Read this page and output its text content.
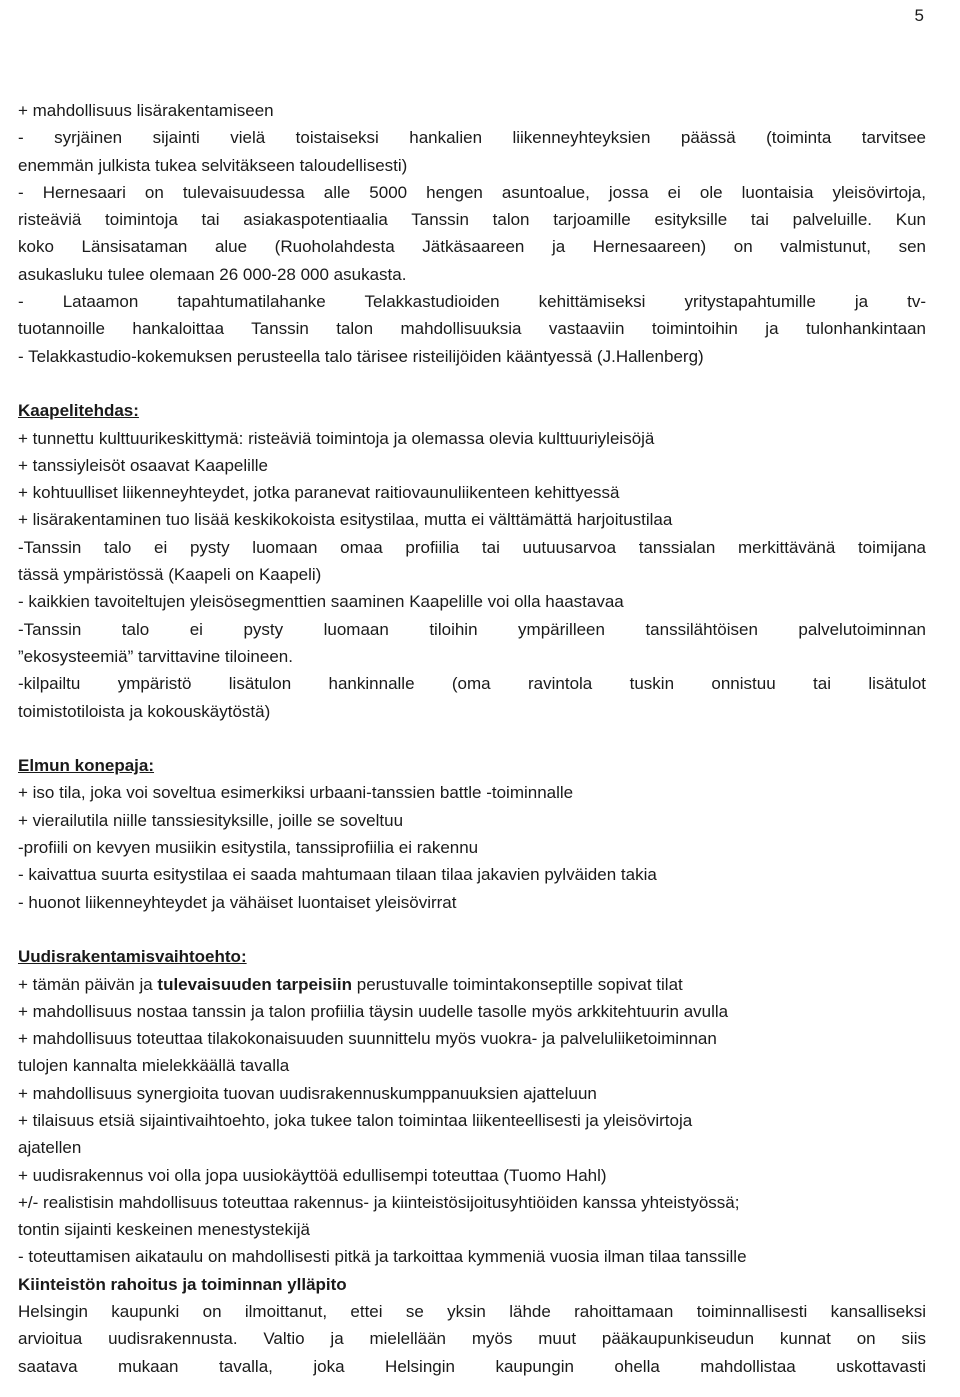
5
+ mahdollisuus lisärakentamiseen
- syrjäinen sijainti vielä toistaiseksi hankalien liikenneyhteyksien päässä (toiminta tarvitsee
enemmän julkista tukea selvitäkseen taloudellisesti)
- Hernesaari on tulevaisuudessa alle 5000 hengen asuntoalue, jossa ei ole luontaisia yleisövirtoja,
risteäviä toimintoja tai asiakaspotentiaalia Tanssin talon tarjoamille esityksille tai palveluille. Kun
koko Länsisataman alue (Ruoholahdesta Jätkäsaareen ja Hernesaareen) on valmistunut, sen
asukasluku tulee olemaan 26 000-28 000 asukasta.
- Lataamon tapahtumatilahanke Telakkastudioiden kehittämiseksi yritystapahtumille ja tv-
tuotannoille hankaloittaa Tanssin talon mahdollisuuksia vastaaviin toimintoihin ja tulonhankintaan
- Telakkastudio-kokemuksen perusteella talo tärisee risteilijöiden kääntyessä (J.Hallenberg)
Kaapelitehdas:
+ tunnettu kulttuurikeskittymä: risteäviä toimintoja ja olemassa olevia kulttuuriyleisöjä
+ tanssiyleisöt osaavat Kaapelille
+ kohtuulliset liikenneyhteydet, jotka paranevat raitiovaunuliikenteen kehittyessä
+ lisärakentaminen tuo lisää keskikokoista esitystilaa, mutta ei välttämättä harjoitustilaa
-Tanssin talo ei pysty luomaan omaa profiilia tai uutuusarvoa tanssialan merkittävänä toimijana
tässä ympäristössä (Kaapeli on Kaapeli)
- kaikkien tavoiteltujen yleisösegmenttien saaminen Kaapelille voi olla haastavaa
-Tanssin talo ei pysty luomaan tiloihin ympärilleen tanssilähtöisen palvelutoiminnan
”ekosysteemiä” tarvittavine tiloineen.
-kilpailtu ympäristö lisätulon hankinnalle (oma ravintola tuskin onnistuu tai lisätulot
toimistotiloista ja kokouskäytöstä)
Elmun konepaja:
+ iso tila, joka voi soveltua esimerkiksi urbaani-tanssien battle -toiminnalle
+ vierailutila niille tanssiesityksille, joille se soveltuu
-profiili on kevyen musiikin esitystila, tanssiprofiilia ei rakennu
- kaivattua suurta esitystilaa ei saada mahtumaan tilaan tilaa jakavien pylväiden takia
- huonot liikenneyhteydet ja vähäiset luontaiset yleisövirrat
Uudisrakentamisvaihtoehto:
+ tämän päivän ja tulevaisuuden tarpeisiin perustuvalle toimintakonseptille sopivat tilat
+ mahdollisuus nostaa tanssin ja talon profiilia täysin uudelle tasolle myös arkkitehtuurin avulla
+ mahdollisuus toteuttaa tilakokonaisuuden suunnittelu myös vuokra- ja palveluliiketoiminnan
tulojen kannalta mielekkäällä tavalla
+ mahdollisuus synergioita tuovan uudisrakennuskumppanuuksien ajatteluun
+ tilaisuus etsiä sijaintivaihtoehto, joka tukee talon toimintaa liikenteellisesti ja yleisövirtoja
ajatellen
+ uudisrakennus voi olla jopa uusiokäyttöä edullisempi toteuttaa (Tuomo Hahl)
+/- realistisin mahdollisuus toteuttaa rakennus- ja kiinteistösijoitusyhtiöiden kanssa yhteistyössä;
tontin sijainti keskeinen menestystekijä
- toteuttamisen aikataulu on mahdollisesti pitkä ja tarkoittaa kymmeniä vuosia ilman tilaa tanssille
Kiinteistön rahoitus ja toiminnan ylläpito
Helsingin kaupunki on ilmoittanut, ettei se yksin lähde rahoittamaan toiminnallisesti kansalliseksi
arvioitua uudisrakennusta. Valtio ja mielellään myös muut pääkaupunkiseudun kunnat on siis
saatava mukaan tavalla, joka Helsingin kaupungin ohella mahdollistaa uskottavasti
